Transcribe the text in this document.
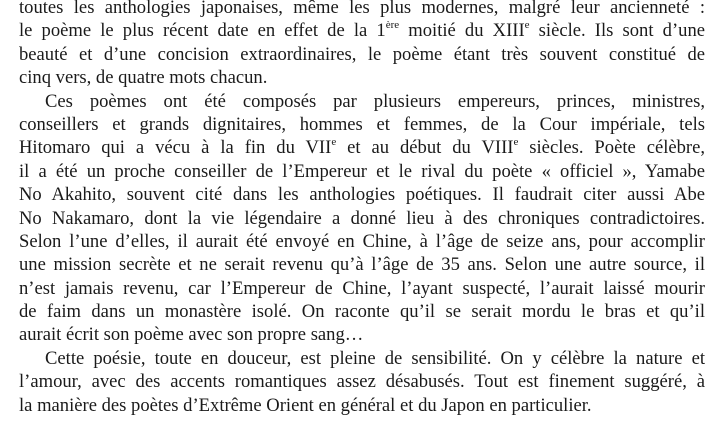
toutes les anthologies japonaises, même les plus modernes, malgré leur ancienneté :
le poème le plus récent date en effet de la 1ère moitié du XIIIe siècle. Ils sont d’une
beauté et d’une concision extraordinaires, le poème étant très souvent constitué de
cinq vers, de quatre mots chacun.
Ces poèmes ont été composés par plusieurs empereurs, princes, ministres,
conseillers et grands dignitaires, hommes et femmes, de la Cour impériale, tels
Hitomaro qui a vécu à la fin du VIIe et au début du VIIIe siècles. Poète célèbre,
il a été un proche conseiller de l’Empereur et le rival du poète « officiel », Yamabe
No Akahito, souvent cité dans les anthologies poétiques. Il faudrait citer aussi Abe
No Nakamaro, dont la vie légendaire a donné lieu à des chroniques contradictoires.
Selon l’une d’elles, il aurait été envoyé en Chine, à l’âge de seize ans, pour accomplir
une mission secrète et ne serait revenu qu’à l’âge de 35 ans. Selon une autre source, il
n’est jamais revenu, car l’Empereur de Chine, l’ayant suspecté, l’aurait laissé mourir
de faim dans un monastère isolé. On raconte qu’il se serait mordu le bras et qu’il
aurait écrit son poème avec son propre sang…
Cette poésie, toute en douceur, est pleine de sensibilité. On y célèbre la nature et
l’amour, avec des accents romantiques assez désabusés. Tout est finement suggéré, à
la manière des poètes d’Extrême Orient en général et du Japon en particulier.
